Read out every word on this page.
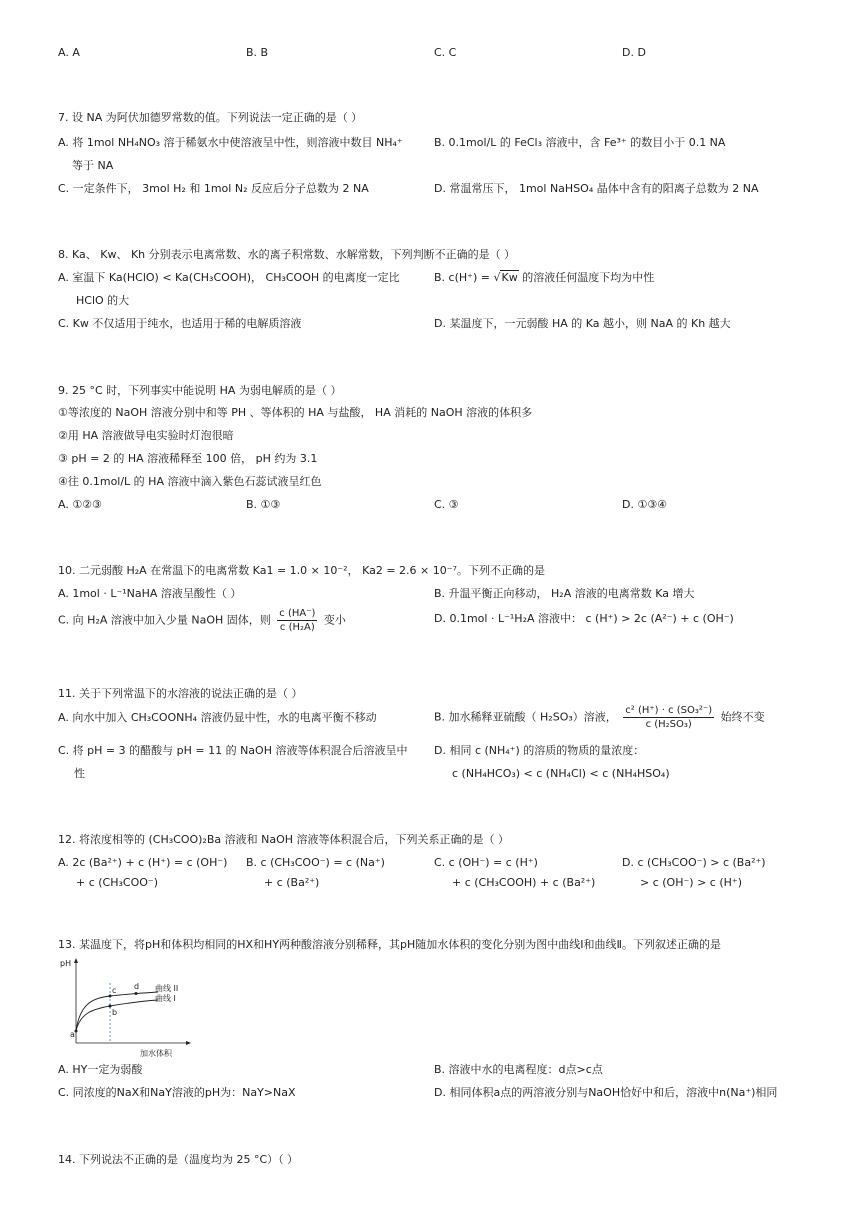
A. A	B. B	C. C	D. D
7. 设 NA 为阿伏加德罗常数的值。下列说法一定正确的是（ ）
A. 将 1mol NH₄NO₃ 溶于稀氨水中使溶液呈中性，则溶液中数目 NH₄⁺
等于 NA
B. 0.1mol/L 的 FeCl₃ 溶液中，含 Fe³⁺ 的数目小于 0.1 NA
C. 一定条件下， 3mol H₂ 和 1mol N₂ 反应后分子总数为 2 NA	D. 常温常压下， 1mol NaHSO₄ 晶体中含有的阳离子总数为 2 NA
8. Ka、 Kw、 Kh 分别表示电离常数、水的离子积常数、水解常数，下列判断不正确的是（ ）
A. 室温下 Ka(HClO) < Ka(CH₃COOH)， CH₃COOH 的电离度一定比
HClO 的大
B. c(H⁺) = √Kw 的溶液任何温度下均为中性
C. Kw 不仅适用于纯水，也适用于稀的电解质溶液	D. 某温度下，一元弱酸 HA 的 Ka 越小，则 NaA 的 Kh 越大
9. 25 °C 时，下列事实中能说明 HA 为弱电解质的是（ ）
①等浓度的 NaOH 溶液分别中和等 PH 、等体积的 HA 与盐酸， HA 消耗的 NaOH 溶液的体积多
②用 HA 溶液做导电实验时灯泡很暗
③ pH = 2 的 HA 溶液稀释至 100 倍， pH 约为 3.1
④往 0.1mol/L 的 HA 溶液中滴入紫色石蕊试液呈红色
A. ①②③	B. ①③	C. ③	D. ①③④
10. 二元弱酸 H₂A 在常温下的电离常数 Ka1 = 1.0 × 10⁻²， Ka2 = 2.6 × 10⁻⁷。下列不正确的是
A. 1mol · L⁻¹NaHA 溶液呈酸性（ ）	B. 升温平衡正向移动， H₂A 溶液的电离常数 Ka 增大
C. 向 H₂A 溶液中加入少量 NaOH 固体，则 $\frac{c (HA^-)}{\text{c (H₂A)}}$ 变小	D. 0.1mol · L⁻¹H₂A 溶液中： c (H⁺) > 2c (A²⁻) + c (OH⁻)
11. 关于下列常温下的水溶液的说法正确的是（ ）
A. 向水中加入 CH₃COONH₄ 溶液仍显中性，水的电离平衡不移动	B. 加水稀释亚硫酸（ H₂SO₃）溶液， $\frac{\text{c² (H⁺) · c (SO₃²⁻)}}{\text{c (H₂SO₃)}}$ 始终不变
C. 将 pH = 3 的醋酸与 pH = 11 的 NaOH 溶液等体积混合后溶液呈中
性
D. 相同 c (NH₄⁺) 的溶质的物质的量浓度：
c (NH₄HCO₃) < c (NH₄Cl) < c (NH₄HSO₄)
12. 将浓度相等的 (CH₃COO)₂Ba 溶液和 NaOH 溶液等体积混合后，下列关系正确的是（ ）
A. 2c (Ba²⁺) + c (H⁺) = c (OH⁻)
+ c (CH₃COO⁻)
B. c (CH₃COO⁻) = c (Na⁺)
+ c (Ba²⁺)
C. c (OH⁻) = c (H⁺)
+ c (CH₃COOH) + c (Ba²⁺)
D. c (CH₃COO⁻) > c (Ba²⁺)
> c (OH⁻) > c (H⁺)
13. 某温度下，将pH和体积均相同的HX和HY两种酸溶液分别稀释，其pH随加水体积的变化分别为图中曲线Ⅰ和曲线Ⅱ。下列叙述正确的是
pH
加水体积
a
b
c d 曲线 II
曲线 I
A. HY一定为弱酸	B. 溶液中水的电离程度：d点>c点
C. 同浓度的NaX和NaY溶液的pH为：NaY>NaX	D. 相同体积a点的两溶液分别与NaOH恰好中和后，溶液中n(Na⁺)相同
14. 下列说法不正确的是（温度均为 25 °C）（ ）
